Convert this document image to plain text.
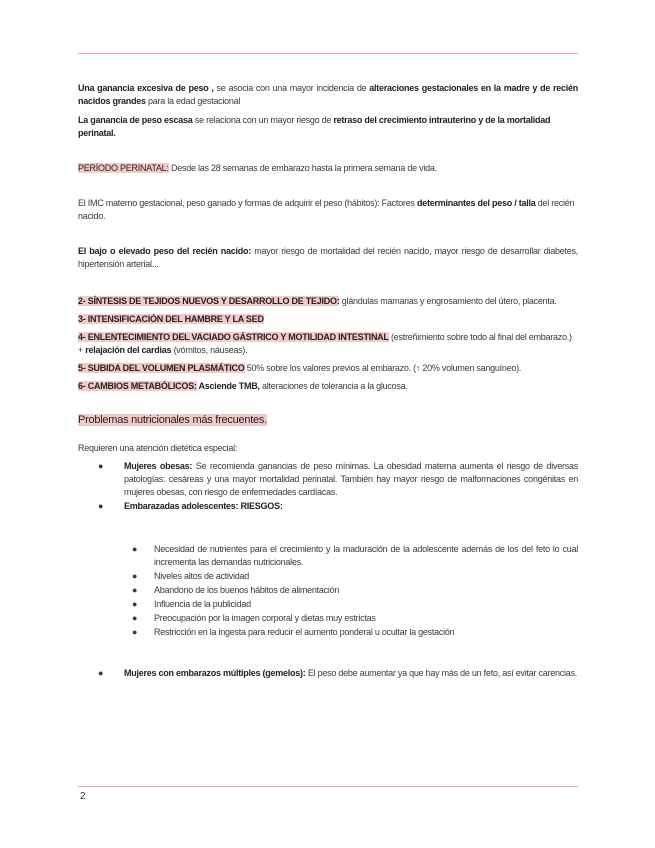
Una ganancia excesiva de peso , se asocia con una mayor incidencia de alteraciones gestacionales en la madre y de recién nacidos grandes para la edad gestacional

La ganancia de peso escasa se relaciona con un mayor riesgo de retraso del crecimiento intrauterino y de la mortalidad perinatal.

PERÍODO PERINATAL: Desde las 28 semanas de embarazo hasta la primera semana de vida.

El IMC materno gestacional, peso ganado y formas de adquirir el peso (hábitos): Factores determinantes del peso / talla del recién nacido.

El bajo o elevado peso del recién nacido: mayor riesgo de mortalidad del recién nacido, mayor riesgo de desarrollar diabetes, hipertensión arterial...

2- SÍNTESIS DE TEJIDOS NUEVOS Y DESARROLLO DE TEJIDO: glándulas mamarias y engrosamiento del útero, placenta.

3- INTENSIFICACIÓN DEL HAMBRE Y LA SED

4- ENLENTECIMIENTO DEL VACIADO GÁSTRICO Y MOTILIDAD INTESTINAL (estreñimiento sobre todo al final del embarazo.) + relajación del cardias (vómitos, náuseas).

5- SUBIDA DEL VOLUMEN PLASMÁTICO 50% sobre los valores previos al embarazo. (↑ 20% volumen sanguíneo).

6- CAMBIOS METABÓLICOS: Asciende TMB, alteraciones de tolerancia a la glucosa.

Problemas nutricionales más frecuentes.

Requieren una atención dietética especial:

● Mujeres obesas: Se recomienda ganancias de peso mínimas. La obesidad materna aumenta el riesgo de diversas patologías: cesáreas y una mayor mortalidad perinatal. También hay mayor riesgo de malformaciones congénitas en mujeres obesas, con riesgo de enfermedades cardíacas.
● Embarazadas adolescentes: RIESGOS:
● Necesidad de nutrientes para el crecimiento y la maduración de la adolescente además de los del feto lo cual incrementa las demandas nutricionales.
● Niveles altos de actividad
● Abandono de los buenos hábitos de alimentación
● Influencia de la publicidad
● Preocupación por la imagen corporal y dietas muy estrictas
● Restricción en la ingesta para reducir el aumento ponderal u ocultar la gestación
● Mujeres con embarazos múltiples (gemelos): El peso debe aumentar ya que hay más de un feto, así evitar carencias.
2
